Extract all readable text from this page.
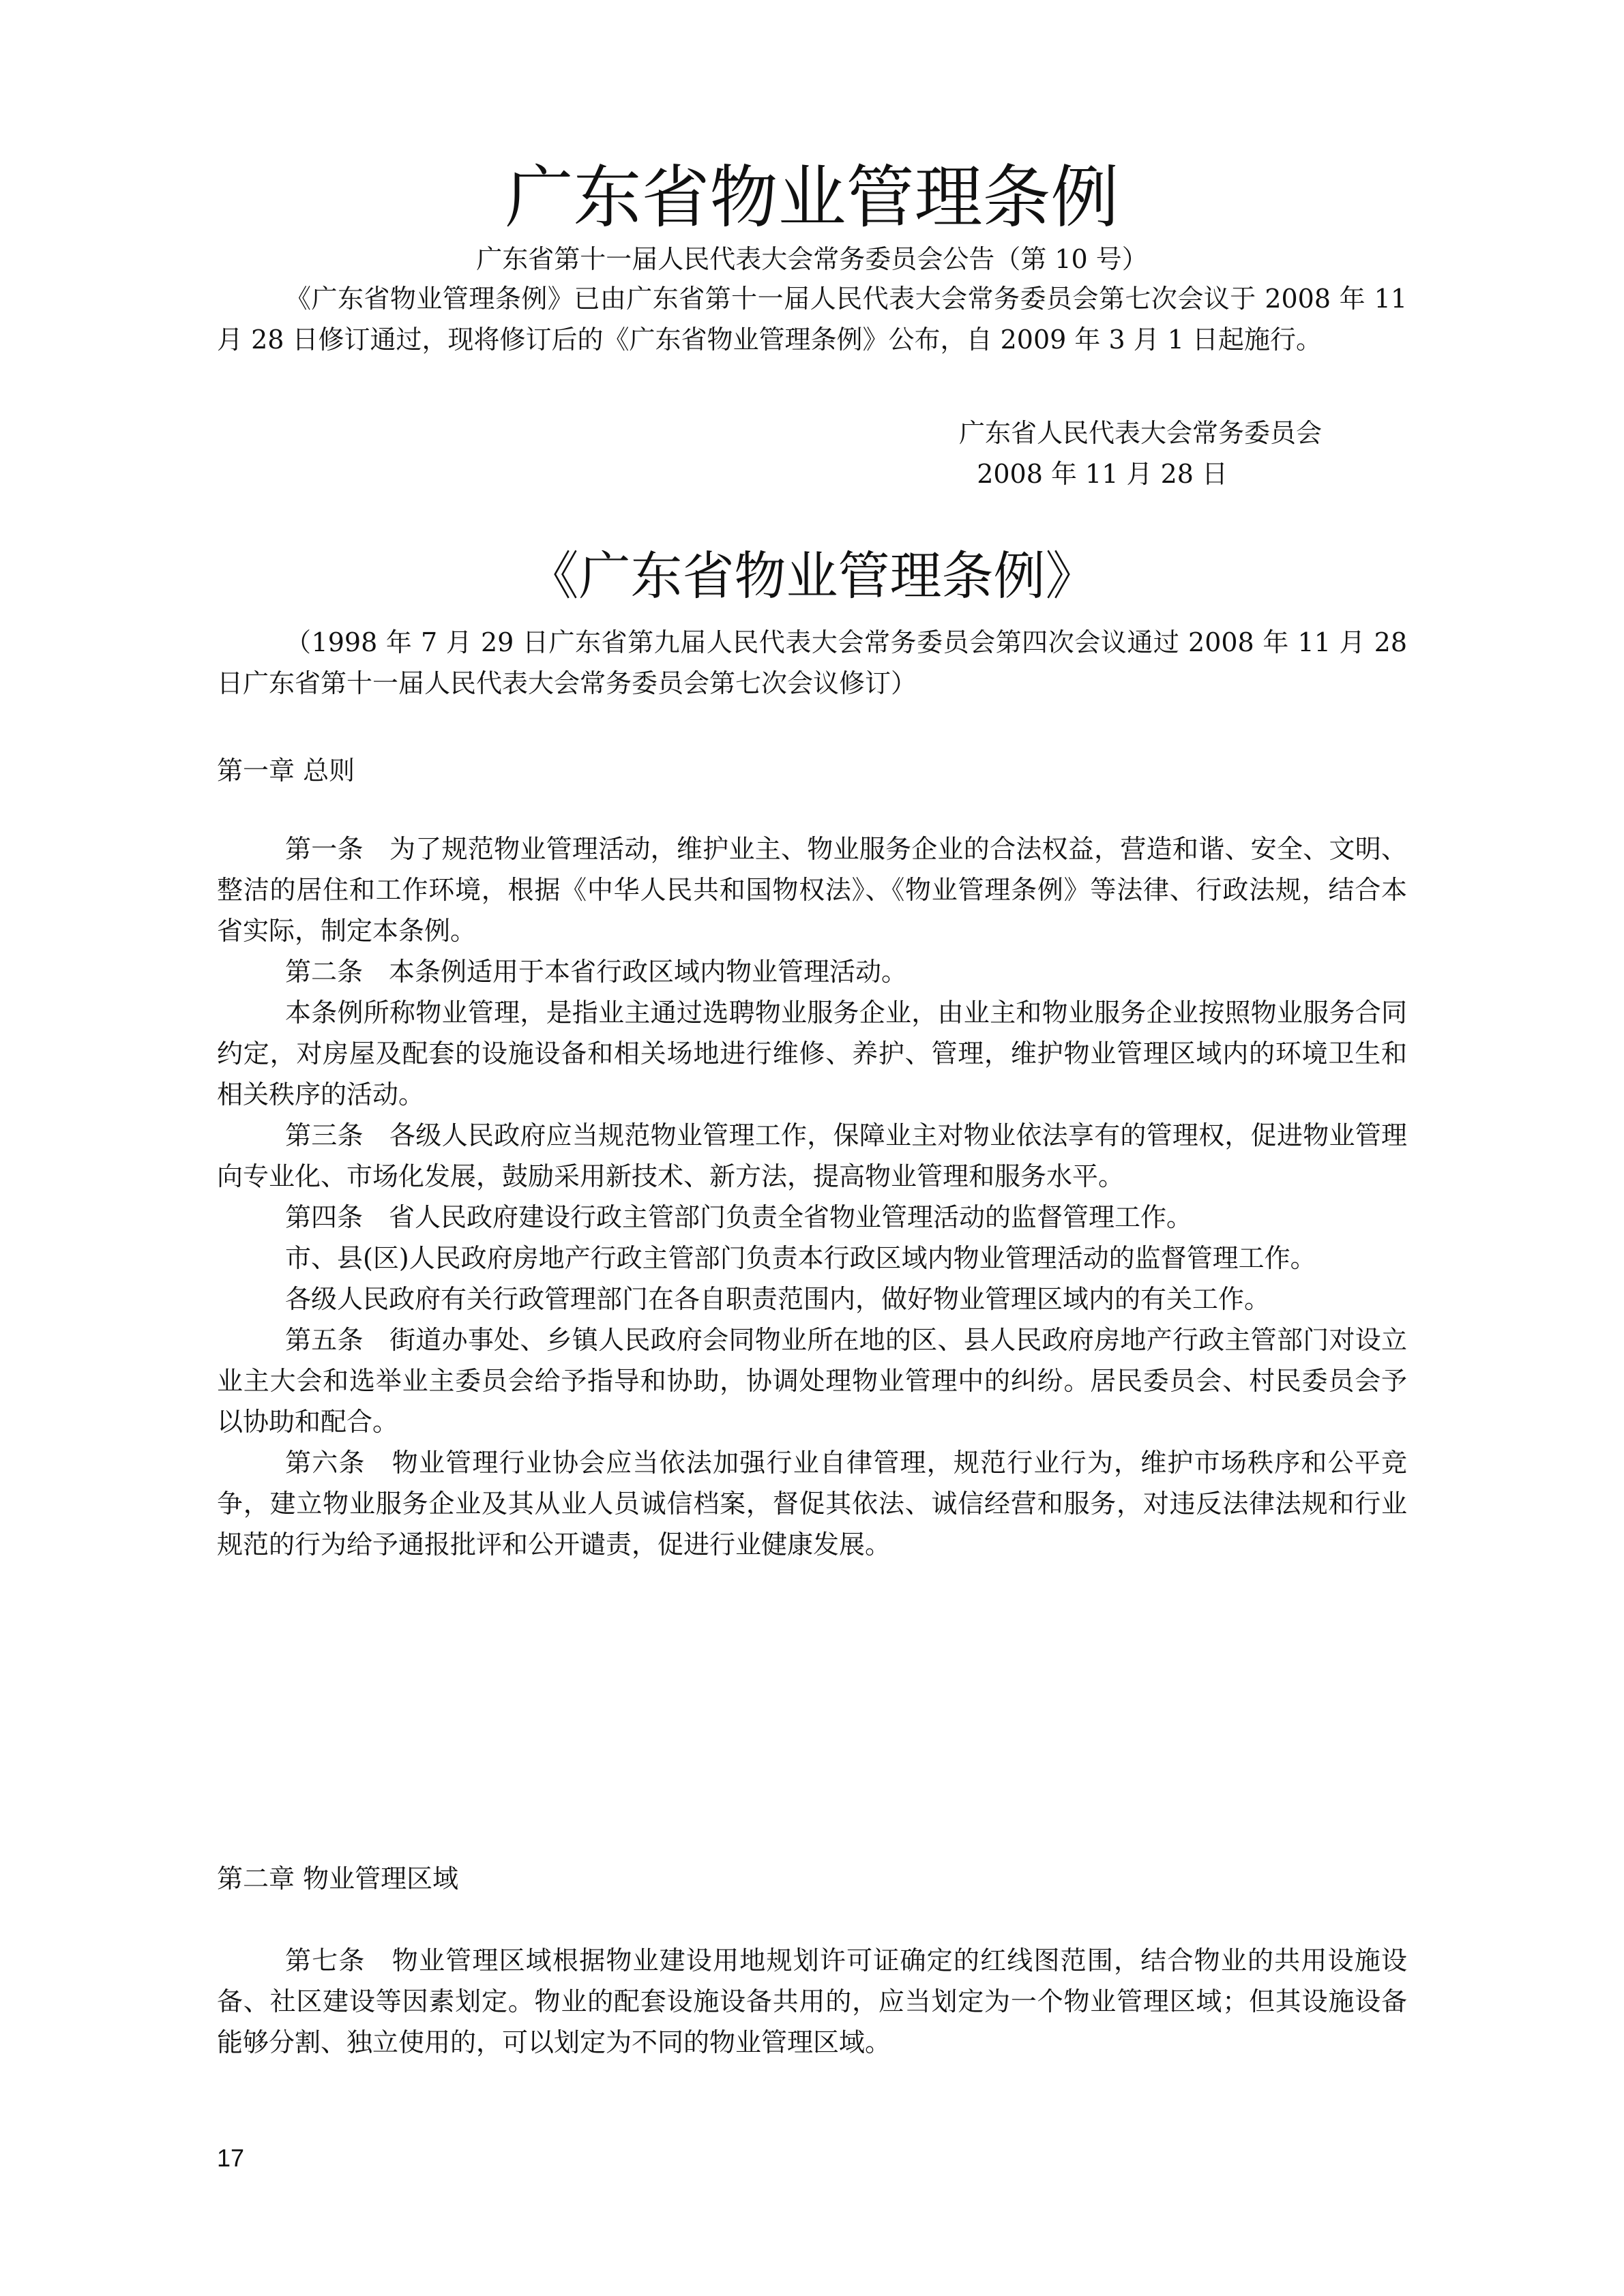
广东省物业管理条例
广东省第十一届人民代表大会常务委员会公告（第 10 号）
《广东省物业管理条例》已由广东省第十一届人民代表大会常务委员会第七次会议于 2008 年 11 月 28 日修订通过，现将修订后的《广东省物业管理条例》公布，自 2009 年 3 月 1 日起施行。
广东省人民代表大会常务委员会
2008 年 11 月 28 日
《广东省物业管理条例》
（1998 年 7 月 29 日广东省第九届人民代表大会常务委员会第四次会议通过 2008 年 11 月 28 日广东省第十一届人民代表大会常务委员会第七次会议修订）
第一章 总则

第一条　为了规范物业管理活动，维护业主、物业服务企业的合法权益，营造和谐、安全、文明、整洁的居住和工作环境，根据《中华人民共和国物权法》、《物业管理条例》等法律、行政法规，结合本省实际，制定本条例。

第二条　本条例适用于本省行政区域内物业管理活动。

本条例所称物业管理，是指业主通过选聘物业服务企业，由业主和物业服务企业按照物业服务合同约定，对房屋及配套的设施设备和相关场地进行维修、养护、管理，维护物业管理区域内的环境卫生和相关秩序的活动。

第三条　各级人民政府应当规范物业管理工作，保障业主对物业依法享有的管理权，促进物业管理向专业化、市场化发展，鼓励采用新技术、新方法，提高物业管理和服务水平。

第四条　省人民政府建设行政主管部门负责全省物业管理活动的监督管理工作。

市、县(区)人民政府房地产行政主管部门负责本行政区域内物业管理活动的监督管理工作。

各级人民政府有关行政管理部门在各自职责范围内，做好物业管理区域内的有关工作。

第五条　街道办事处、乡镇人民政府会同物业所在地的区、县人民政府房地产行政主管部门对设立业主大会和选举业主委员会给予指导和协助，协调处理物业管理中的纠纷。居民委员会、村民委员会予以协助和配合。

第六条　物业管理行业协会应当依法加强行业自律管理，规范行业行为，维护市场秩序和公平竞争，建立物业服务企业及其从业人员诚信档案，督促其依法、诚信经营和服务，对违反法律法规和行业规范的行为给予通报批评和公开谴责，促进行业健康发展。

第二章 物业管理区域

第七条　物业管理区域根据物业建设用地规划许可证确定的红线图范围，结合物业的共用设施设备、社区建设等因素划定。物业的配套设施设备共用的，应当划定为一个物业管理区域；但其设施设备能够分割、独立使用的，可以划定为不同的物业管理区域。

17
